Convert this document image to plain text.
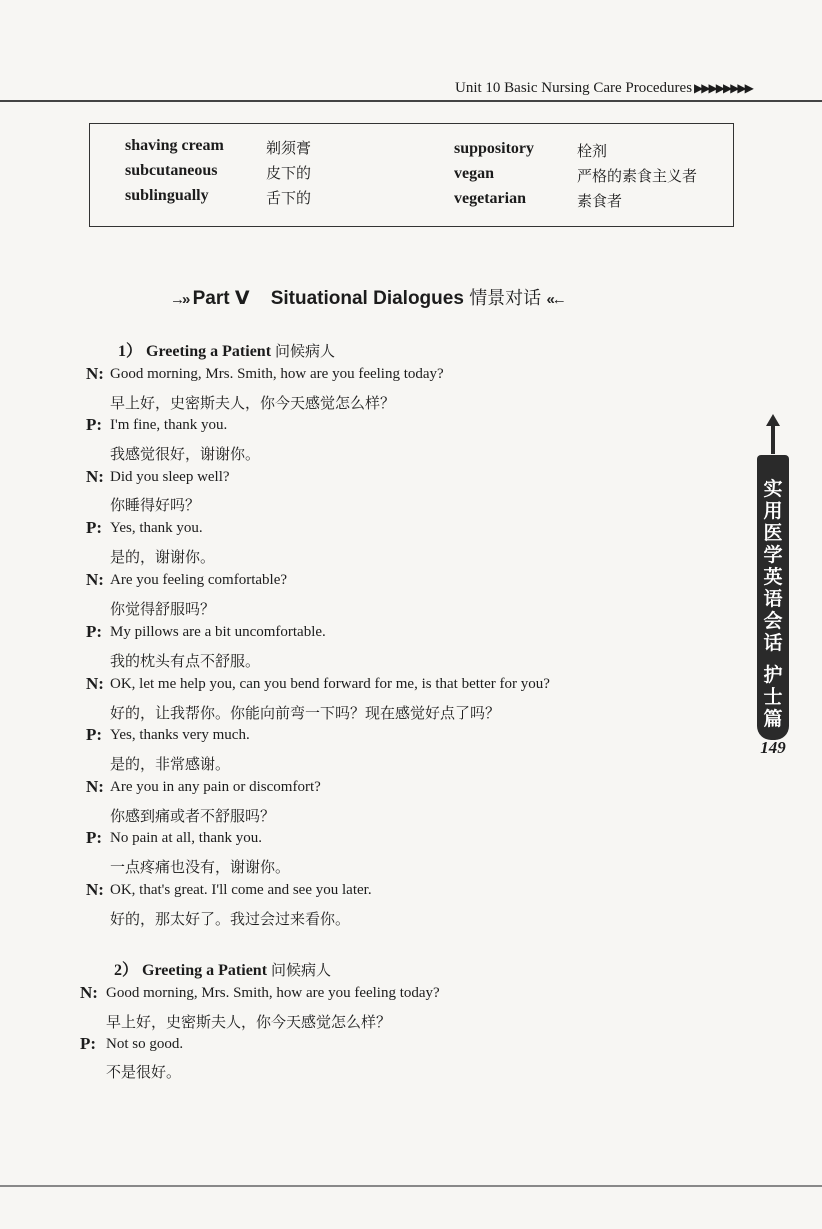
Unit 10 Basic Nursing Care Procedures ▶▶▶▶▶▶▶▶
shaving cream	剃须膏
subcutaneous	皮下的
sublingually	舌下的
suppository	栓剂
vegan	严格的素食主义者
vegetarian	素食者
→» Part Ⅴ Situational Dialogues 情景对话 «←
1） Greeting a Patient 问候病人
N: Good morning, Mrs. Smith, how are you feeling today?
早上好，史密斯夫人，你今天感觉怎么样？
P: I'm fine, thank you.
我感觉很好，谢谢你。
N: Did you sleep well?
你睡得好吗？
P: Yes, thank you.
是的，谢谢你。
N: Are you feeling comfortable?
你觉得舒服吗？
P: My pillows are a bit uncomfortable.
我的枕头有点不舒服。
N: OK, let me help you, can you bend forward for me, is that better for you?
好的，让我帮你。你能向前弯一下吗？现在感觉好点了吗？
P: Yes, thanks very much.
是的，非常感谢。
N: Are you in any pain or discomfort?
你感到痛或者不舒服吗？
P: No pain at all, thank you.
一点疼痛也没有，谢谢你。
N: OK, that's great. I'll come and see you later.
好的，那太好了。我过会过来看你。
2） Greeting a Patient 问候病人
N: Good morning, Mrs. Smith, how are you feeling today?
早上好，史密斯夫人，你今天感觉怎么样？
P: Not so good.
不是很好。
实用医学英语会话
护士篇
149
